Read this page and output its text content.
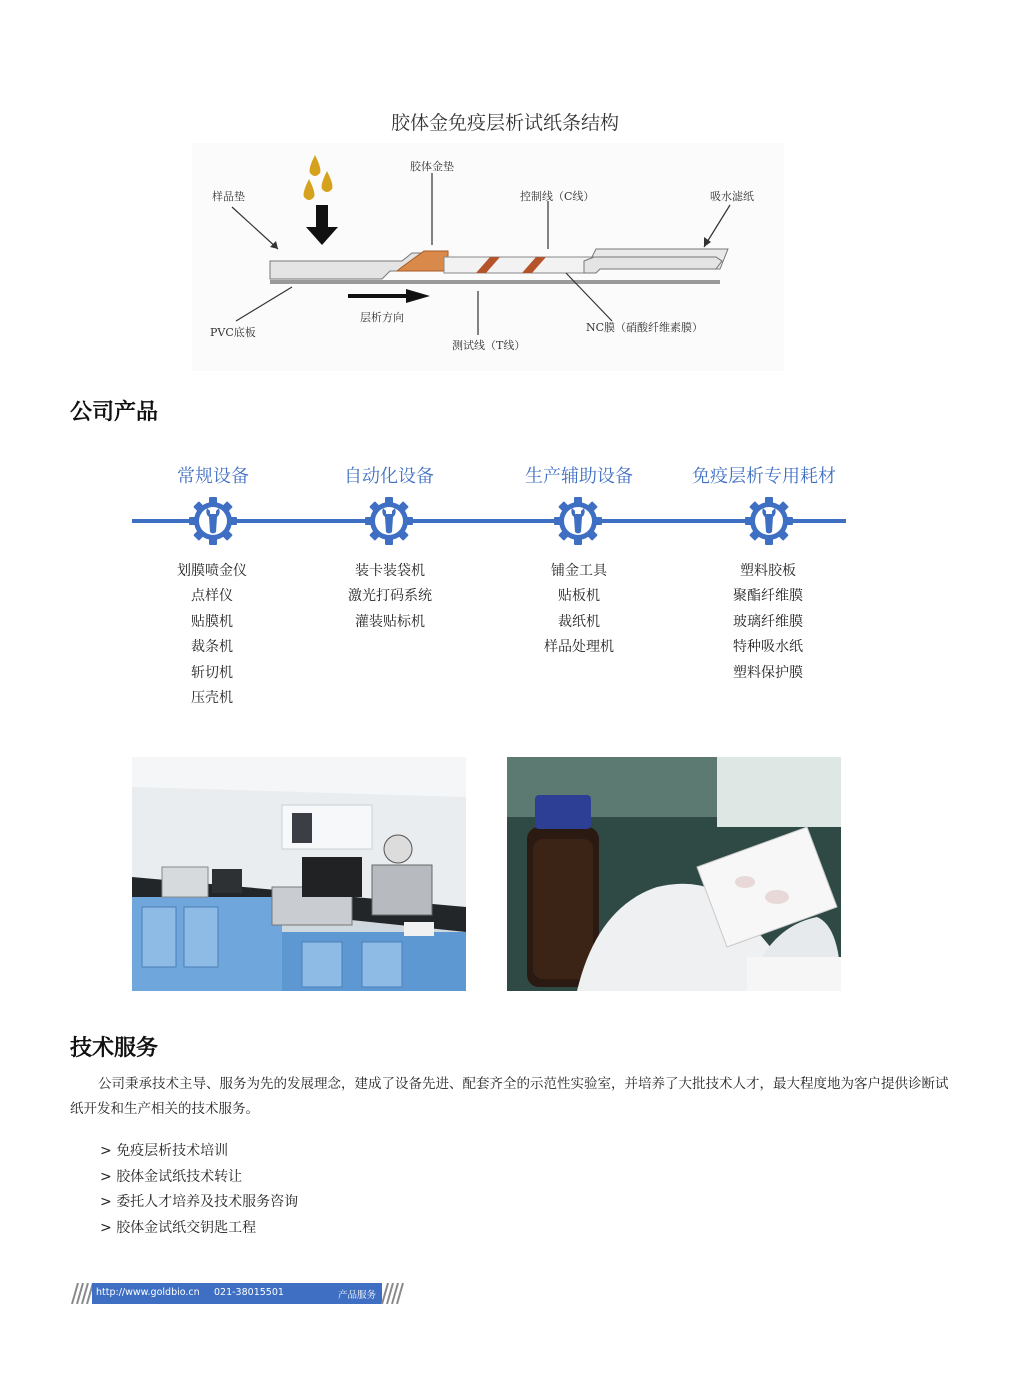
胶体金免疫层析试纸条结构
胶体金垫
样品垫	控制线（C线）	吸水滤纸
PVC底板
层析方向
测试线（T线）
NC膜（硝酸纤维素膜）
公司产品
常规设备
划膜喷金仪
点样仪
贴膜机
裁条机
斩切机
压壳机
自动化设备
装卡装袋机
激光打码系统
灌装贴标机
生产辅助设备
铺金工具
贴板机
裁纸机
样品处理机
免疫层析专用耗材
塑料胶板
聚酯纤维膜
玻璃纤维膜
特种吸水纸
塑料保护膜
技术服务
公司秉承技术主导、服务为先的发展理念，建成了设备先进、配套齐全的示范性实验室，并培养了大批技术人才，最大程度地为客户提供诊断试纸开发和生产相关的技术服务。
> 免疫层析技术培训
> 胶体金试纸技术转让
> 委托人才培养及技术服务咨询
> 胶体金试纸交钥匙工程
http://www.goldbio.cn 021-38015501	产品服务
